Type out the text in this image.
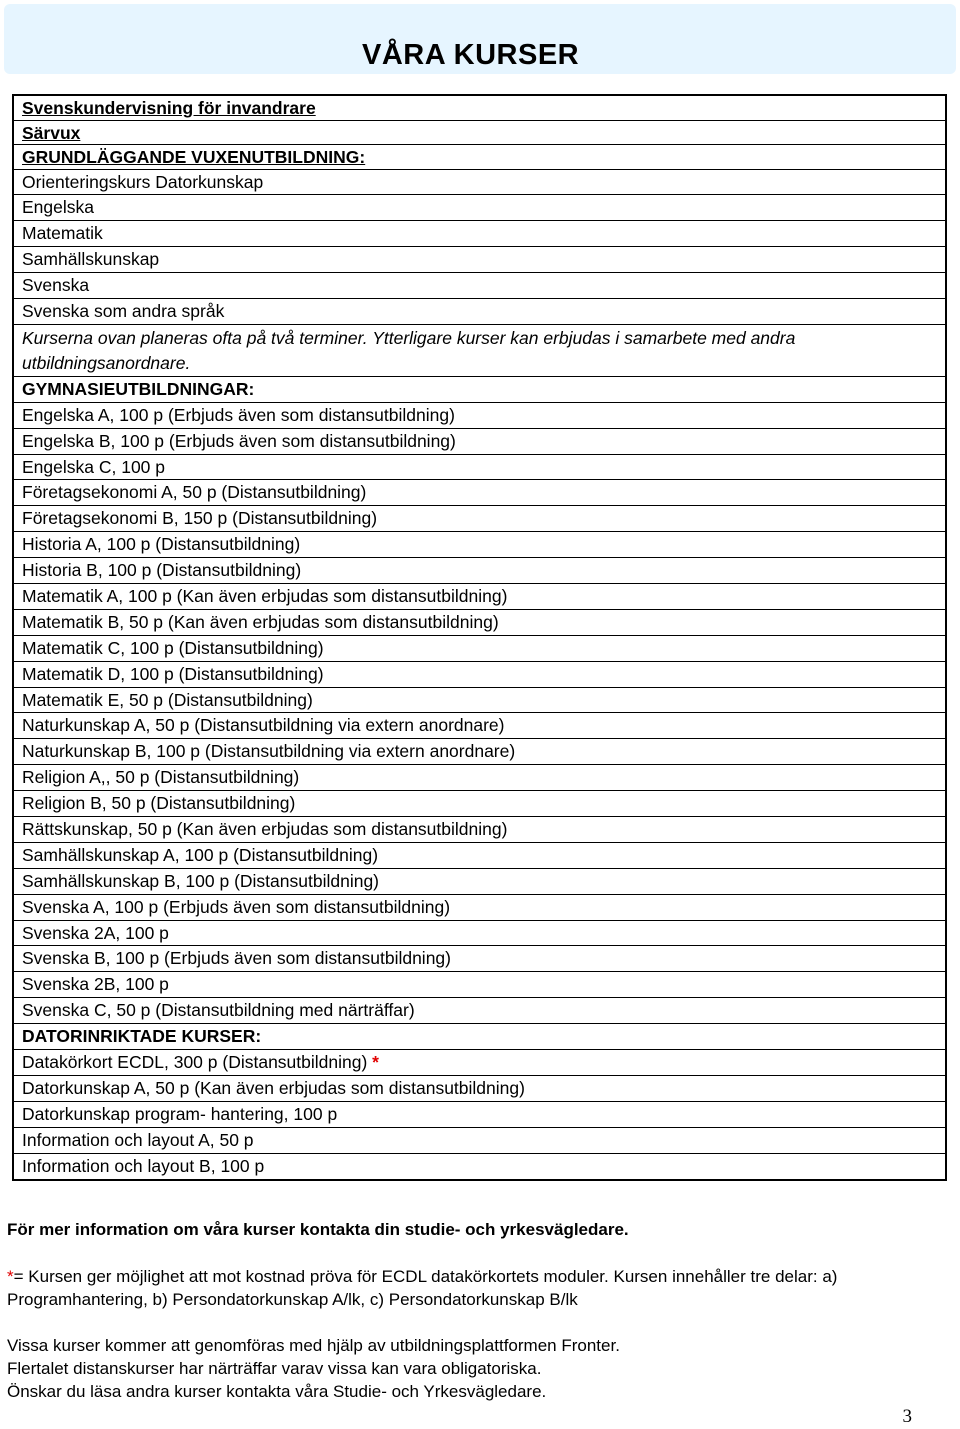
VÅRA KURSER
Svenskundervisning för invandrare
Särvux
GRUNDLÄGGANDE VUXENUTBILDNING:
Orienteringskurs Datorkunskap
Engelska
Matematik
Samhällskunskap
Svenska
Svenska som andra språk
Kurserna ovan planeras ofta på två terminer. Ytterligare kurser kan erbjudas i samarbete med andra utbildningsanordnare.
GYMNASIEUTBILDNINGAR:
Engelska A, 100 p (Erbjuds även som distansutbildning)
Engelska B, 100 p (Erbjuds även som distansutbildning)
Engelska C, 100 p
Företagsekonomi A, 50 p (Distansutbildning)
Företagsekonomi B, 150 p (Distansutbildning)
Historia A, 100 p (Distansutbildning)
Historia B, 100 p (Distansutbildning)
Matematik A, 100 p (Kan även erbjudas som distansutbildning)
Matematik B, 50 p (Kan även erbjudas som distansutbildning)
Matematik C, 100 p (Distansutbildning)
Matematik D, 100 p (Distansutbildning)
Matematik E, 50 p (Distansutbildning)
Naturkunskap A, 50 p (Distansutbildning via extern anordnare)
Naturkunskap B, 100 p (Distansutbildning via extern anordnare)
Religion A,, 50 p (Distansutbildning)
Religion B, 50 p (Distansutbildning)
Rättskunskap, 50 p (Kan även erbjudas som distansutbildning)
Samhällskunskap A, 100 p (Distansutbildning)
Samhällskunskap B, 100 p (Distansutbildning)
Svenska A, 100 p (Erbjuds även som distansutbildning)
Svenska 2A, 100 p
Svenska B, 100 p (Erbjuds även som distansutbildning)
Svenska 2B, 100 p
Svenska C, 50 p (Distansutbildning med närträffar)
DATORINRIKTADE KURSER:
Datakörkort ECDL, 300 p (Distansutbildning) *
Datorkunskap A, 50 p (Kan även erbjudas som distansutbildning)
Datorkunskap program- hantering, 100 p
Information och layout A, 50 p
Information och layout B, 100 p
För mer information om våra kurser kontakta din studie- och yrkesvägledare.
*= Kursen ger möjlighet att mot kostnad pröva för ECDL datakörkortets moduler. Kursen innehåller tre delar: a) Programhantering, b) Persondatorkunskap A/lk, c) Persondatorkunskap B/lk
Vissa kurser kommer att genomföras med hjälp av utbildningsplattformen Fronter.
Flertalet distanskurser har närträffar varav vissa kan vara obligatoriska.
Önskar du läsa andra kurser kontakta våra Studie- och Yrkesvägledare.
3
